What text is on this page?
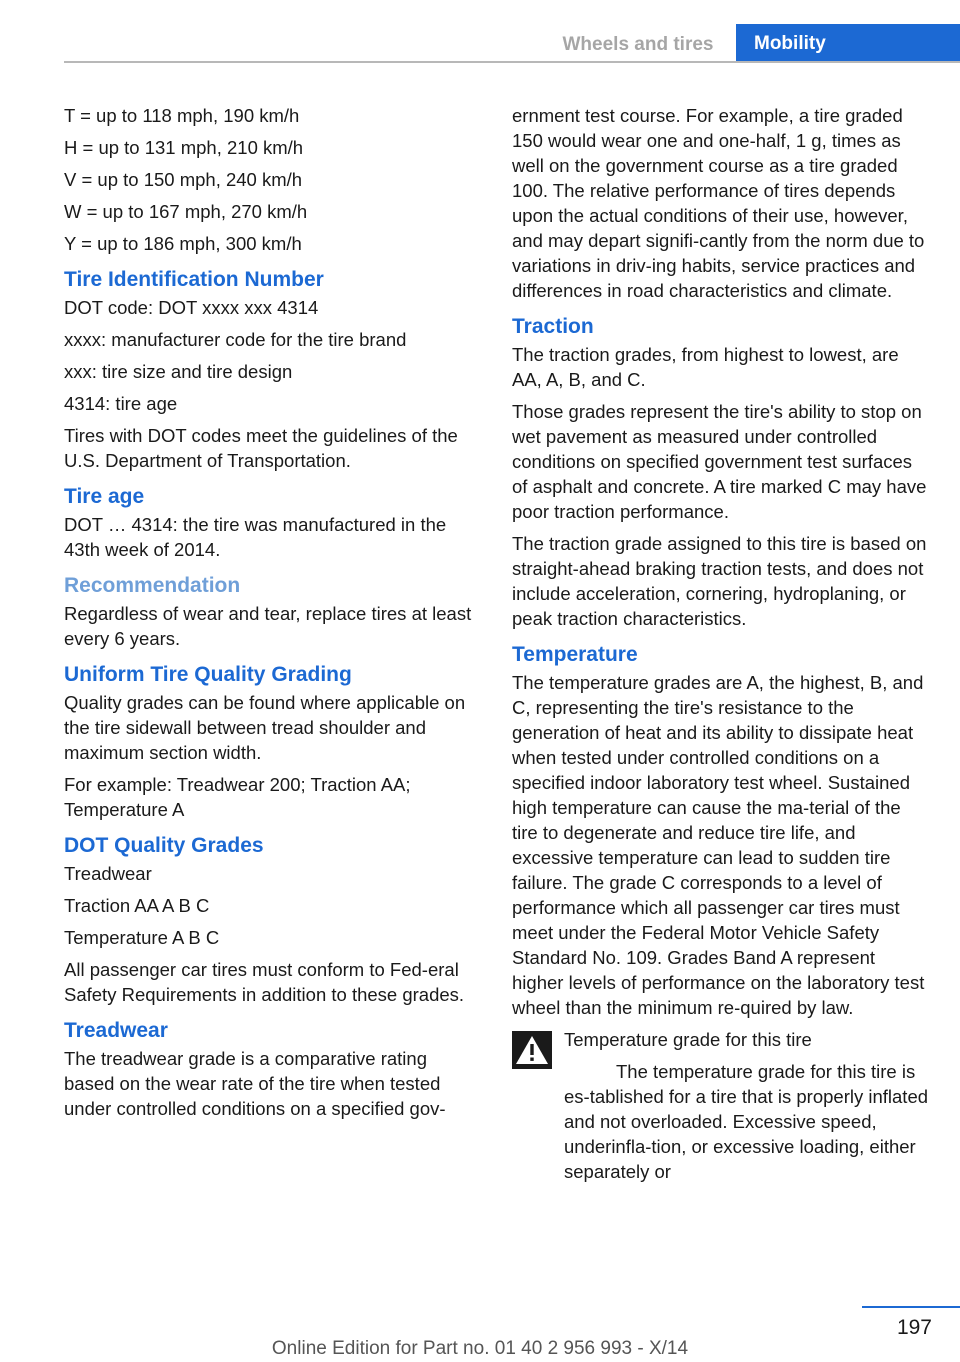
Wheels and tires	Mobility

T = up to 118 mph, 190 km/h

H = up to 131 mph, 210 km/h

V = up to 150 mph, 240 km/h

W = up to 167 mph, 270 km/h

Y = up to 186 mph, 300 km/h

Tire Identification Number

DOT code: DOT xxxx xxx 4314

xxxx: manufacturer code for the tire brand

xxx: tire size and tire design

4314: tire age

Tires with DOT codes meet the guidelines of the U.S. Department of Transportation.

Tire age

DOT … 4314: the tire was manufactured in the 43th week of 2014.

Recommendation

Regardless of wear and tear, replace tires at least every 6 years.

Uniform Tire Quality Grading

Quality grades can be found where applicable on the tire sidewall between tread shoulder and maximum section width.

For example: Treadwear 200; Traction AA; Temperature A

DOT Quality Grades

Treadwear

Traction AA A B C

Temperature A B C

All passenger car tires must conform to Fed-eral Safety Requirements in addition to these grades.

Treadwear

The treadwear grade is a comparative rating based on the wear rate of the tire when tested under controlled conditions on a specified gov-

ernment test course. For example, a tire graded 150 would wear one and one-half, 1 g, times as well on the government course as a tire graded 100. The relative performance of tires depends upon the actual conditions of their use, however, and may depart signifi-cantly from the norm due to variations in driv-ing habits, service practices and differences in road characteristics and climate.

Traction

The traction grades, from highest to lowest, are AA, A, B, and C.

Those grades represent the tire's ability to stop on wet pavement as measured under controlled conditions on specified government test surfaces of asphalt and concrete. A tire marked C may have poor traction performance.

The traction grade assigned to this tire is based on straight-ahead braking traction tests, and does not include acceleration, cornering, hydroplaning, or peak traction characteristics.

Temperature

The temperature grades are A, the highest, B, and C, representing the tire's resistance to the generation of heat and its ability to dissipate heat when tested under controlled conditions on a specified indoor laboratory test wheel. Sustained high temperature can cause the ma-terial of the tire to degenerate and reduce tire life, and excessive temperature can lead to sudden tire failure. The grade C corresponds to a level of performance which all passenger car tires must meet under the Federal Motor Vehicle Safety Standard No. 109. Grades Band A represent higher levels of performance on the laboratory test wheel than the minimum re-quired by law.

Temperature grade for this tire

The temperature grade for this tire is es-tablished for a tire that is properly inflated and not overloaded. Excessive speed, underinfla-tion, or excessive loading, either separately or

197
Online Edition for Part no. 01 40 2 956 993 - X/14
